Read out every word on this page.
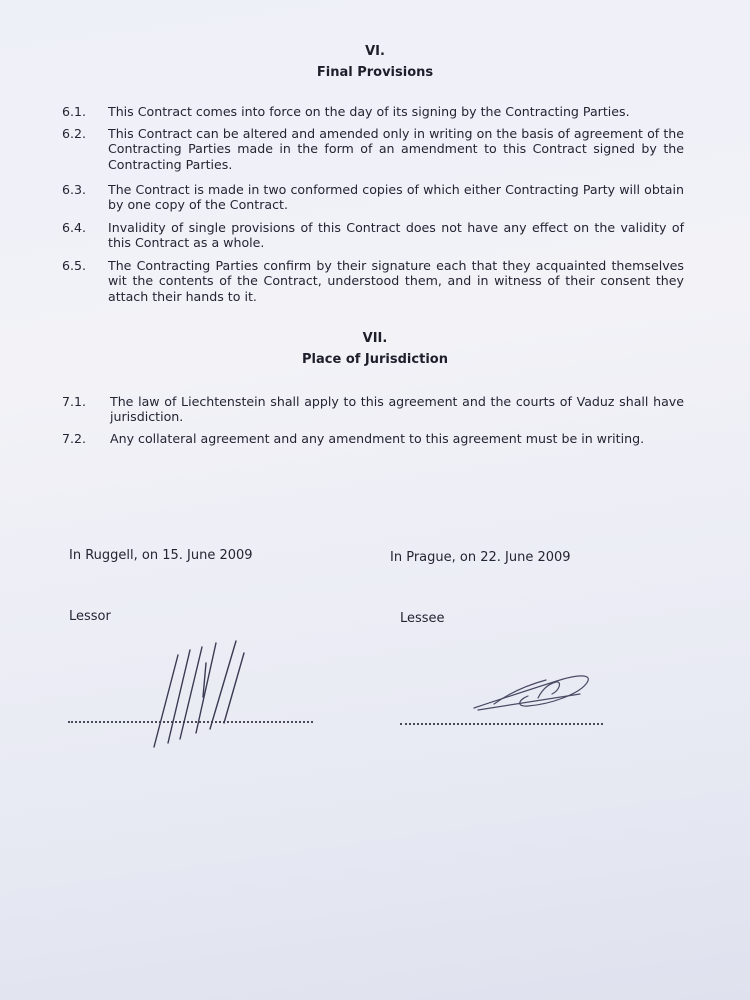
VI.
Final Provisions
6.1. This Contract comes into force on the day of its signing by the Contracting Parties.
6.2. This Contract can be altered and amended only in writing on the basis of agreement of the Contracting Parties made in the form of an amendment to this Contract signed by the Contracting Parties.
6.3. The Contract is made in two conformed copies of which either Contracting Party will obtain by one copy of the Contract.
6.4. Invalidity of single provisions of this Contract does not have any effect on the validity of this Contract as a whole.
6.5. The Contracting Parties confirm by their signature each that they acquainted themselves wit the contents of the Contract, understood them, and in witness of their consent they attach their hands to it.
VII.
Place of Jurisdiction
7.1. The law of Liechtenstein shall apply to this agreement and the courts of Vaduz shall have jurisdiction.
7.2. Any collateral agreement and any amendment to this agreement must be in writing.
In Ruggell, on 15. June 2009	In Prague, on 22. June 2009
Lessor	Lessee
